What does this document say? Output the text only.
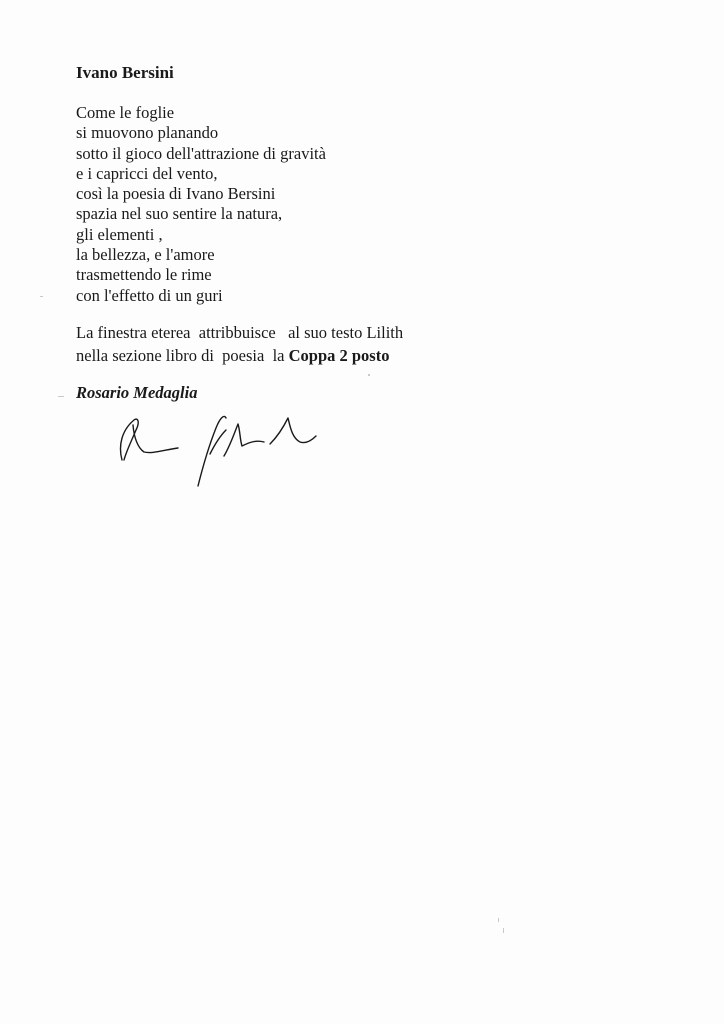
Ivano Bersini
Come le foglie
si muovono planando
sotto il gioco dell'attrazione di gravità
e i capricci del vento,
così la poesia di Ivano Bersini
spazia nel suo sentire la natura,
gli elementi ,
la bellezza, e l'amore
trasmettendo le rime
con l'effetto di un guri
La finestra eterea  attribbuisce   al suo testo Lilith
nella sezione libro di  poesia  la Coppa 2 posto
Rosario Medaglia
